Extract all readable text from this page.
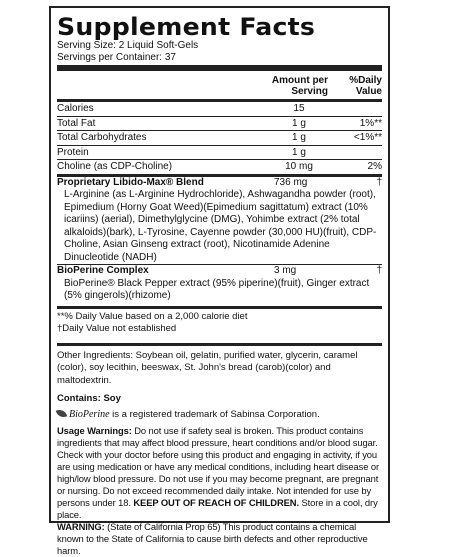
Supplement Facts
Serving Size: 2 Liquid Soft-Gels
Servings per Container: 37
Amount per Serving
%Daily Value
Calories	15
Total Fat	1 g	1%**
Total Carbohydrates	1 g	<1%**
Protein	1 g
Choline (as CDP-Choline)	10 mg	2%
Proprietary Libido-Max® Blend	736 mg	†
L-Arginine (as L-Arginine Hydrochloride), Ashwagandha powder (root), Epimedium (Horny Goat Weed)(Epimedium sagittatum) extract (10% icariins) (aerial), Dimethylglycine (DMG), Yohimbe extract (2% total alkaloids)(bark), L-Tyrosine, Cayenne powder (30,000 HU)(fruit), CDP-Choline, Asian Ginseng extract (root), Nicotinamide Adenine Dinucleotide (NADH)
BioPerine Complex	3 mg	†
BioPerine® Black Pepper extract (95% piperine)(fruit), Ginger extract (5% gingerols)(rhizome)
**% Daily Value based on a 2,000 calorie diet
†Daily Value not established
Other Ingredients: Soybean oil, gelatin, purified water, glycerin, caramel (color), soy lecithin, beeswax, St. John's bread (carob)(color) and maltodextrin.
Contains: Soy
BioPerine is a registered trademark of Sabinsa Corporation.
Usage Warnings: Do not use if safety seal is broken. This product contains ingredients that may affect blood pressure, heart conditions and/or blood sugar. Check with your doctor before using this product and engaging in activity, if you are using medication or have any medical conditions, including heart disease or high/low blood pressure. Do not use if you may become pregnant, are pregnant or nursing. Do not exceed recommended daily intake. Not intended for use by persons under 18. KEEP OUT OF REACH OF CHILDREN. Store in a cool, dry place.
WARNING: (State of California Prop 65) This product contains a chemical known to the State of California to cause birth defects and other reproductive harm.
